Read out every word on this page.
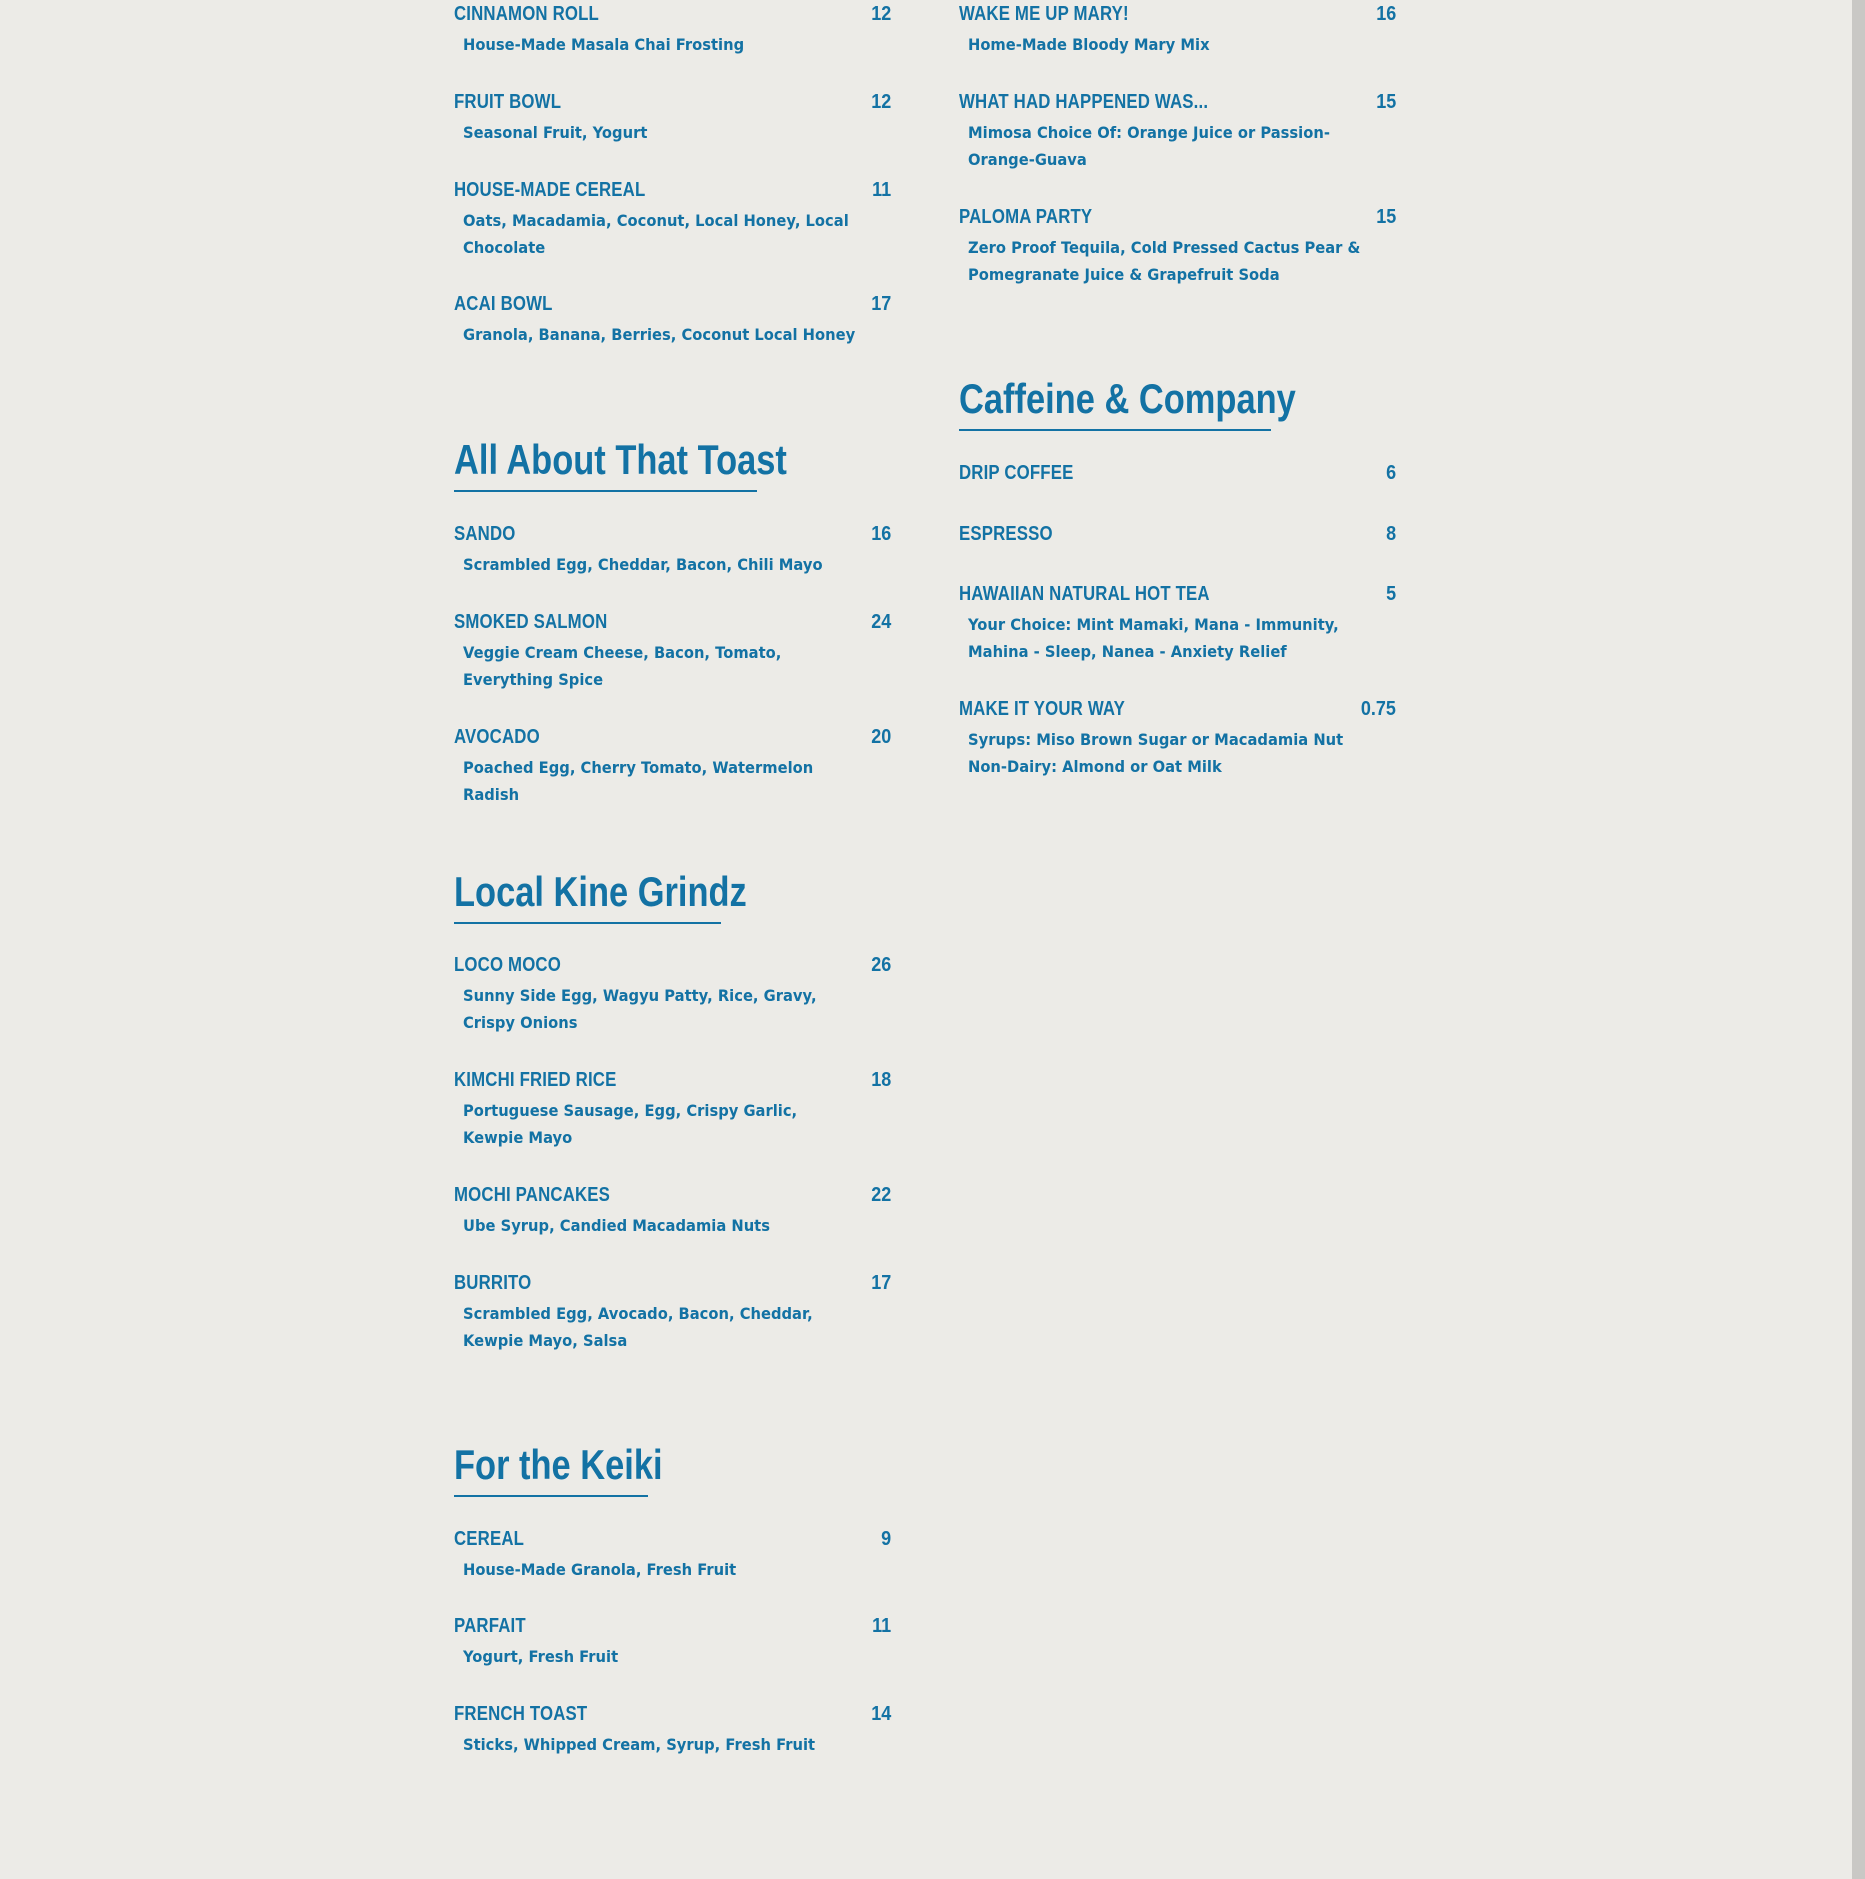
CINNAMON ROLL	12
House-Made Masala Chai Frosting
FRUIT BOWL	12
Seasonal Fruit, Yogurt
HOUSE-MADE CEREAL	11
Oats, Macadamia, Coconut, Local Honey, Local Chocolate
ACAI BOWL	17
Granola, Banana, Berries, Coconut Local Honey
All About That Toast
SANDO	16
Scrambled Egg, Cheddar, Bacon, Chili Mayo
SMOKED SALMON	24
Veggie Cream Cheese, Bacon, Tomato, Everything Spice
AVOCADO	20
Poached Egg, Cherry Tomato, Watermelon Radish
Local Kine Grindz
LOCO MOCO	26
Sunny Side Egg, Wagyu Patty, Rice, Gravy, Crispy Onions
KIMCHI FRIED RICE	18
Portuguese Sausage, Egg, Crispy Garlic, Kewpie Mayo
MOCHI PANCAKES	22
Ube Syrup, Candied Macadamia Nuts
BURRITO	17
Scrambled Egg, Avocado, Bacon, Cheddar, Kewpie Mayo, Salsa
For the Keiki
CEREAL	9
House-Made Granola, Fresh Fruit
PARFAIT	11
Yogurt, Fresh Fruit
FRENCH TOAST	14
Sticks, Whipped Cream, Syrup, Fresh Fruit
WAKE ME UP MARY!	16
Home-Made Bloody Mary Mix
WHAT HAD HAPPENED WAS...	15
Mimosa Choice Of: Orange Juice or Passion-Orange-Guava
PALOMA PARTY	15
Zero Proof Tequila, Cold Pressed Cactus Pear & Pomegranate Juice & Grapefruit Soda
Caffeine & Company
DRIP COFFEE	6
ESPRESSO	8
HAWAIIAN NATURAL HOT TEA	5
Your Choice: Mint Mamaki, Mana - Immunity, Mahina - Sleep, Nanea - Anxiety Relief
MAKE IT YOUR WAY	0.75
Syrups: Miso Brown Sugar or Macadamia Nut Non-Dairy: Almond or Oat Milk
